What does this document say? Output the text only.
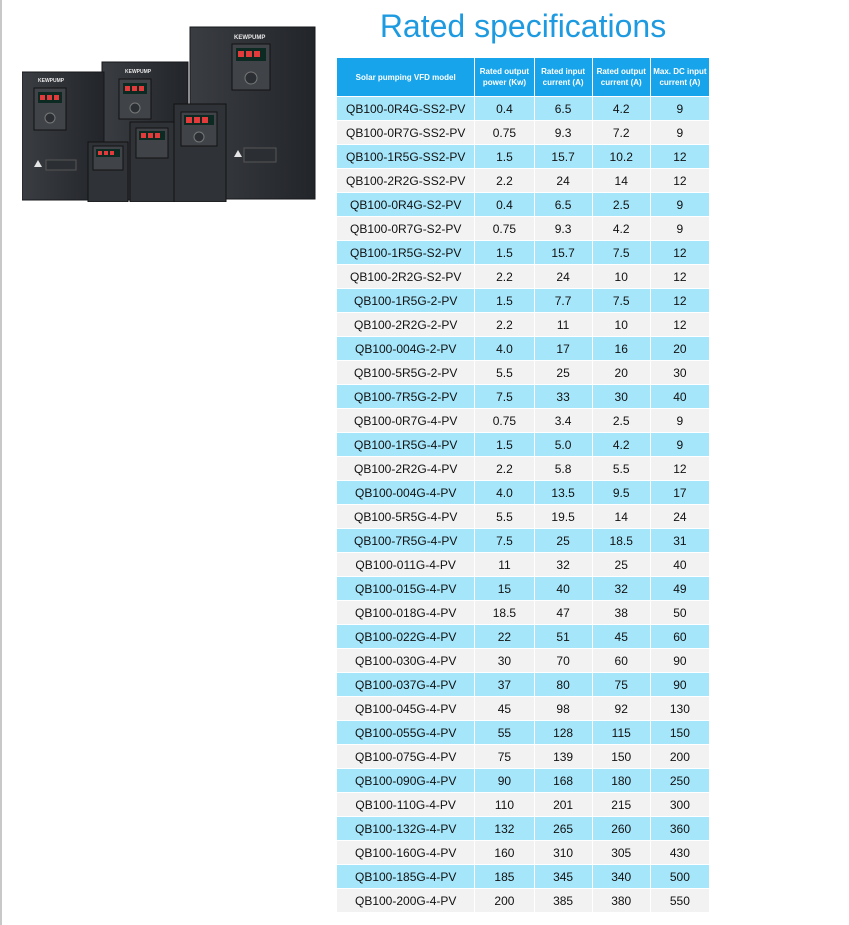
KEWPUMP
KEWPUMP
KEWPUMP
Rated specifications
Solar pumping VFD model	Rated output power (Kw)	Rated input current (A)	Rated output current (A)	Max. DC input current (A)
QB100-0R4G-SS2-PV	0.4	6.5	4.2	9
QB100-0R7G-SS2-PV	0.75	9.3	7.2	9
QB100-1R5G-SS2-PV	1.5	15.7	10.2	12
QB100-2R2G-SS2-PV	2.2	24	14	12
QB100-0R4G-S2-PV	0.4	6.5	2.5	9
QB100-0R7G-S2-PV	0.75	9.3	4.2	9
QB100-1R5G-S2-PV	1.5	15.7	7.5	12
QB100-2R2G-S2-PV	2.2	24	10	12
QB100-1R5G-2-PV	1.5	7.7	7.5	12
QB100-2R2G-2-PV	2.2	11	10	12
QB100-004G-2-PV	4.0	17	16	20
QB100-5R5G-2-PV	5.5	25	20	30
QB100-7R5G-2-PV	7.5	33	30	40
QB100-0R7G-4-PV	0.75	3.4	2.5	9
QB100-1R5G-4-PV	1.5	5.0	4.2	9
QB100-2R2G-4-PV	2.2	5.8	5.5	12
QB100-004G-4-PV	4.0	13.5	9.5	17
QB100-5R5G-4-PV	5.5	19.5	14	24
QB100-7R5G-4-PV	7.5	25	18.5	31
QB100-011G-4-PV	11	32	25	40
QB100-015G-4-PV	15	40	32	49
QB100-018G-4-PV	18.5	47	38	50
QB100-022G-4-PV	22	51	45	60
QB100-030G-4-PV	30	70	60	90
QB100-037G-4-PV	37	80	75	90
QB100-045G-4-PV	45	98	92	130
QB100-055G-4-PV	55	128	115	150
QB100-075G-4-PV	75	139	150	200
QB100-090G-4-PV	90	168	180	250
QB100-110G-4-PV	110	201	215	300
QB100-132G-4-PV	132	265	260	360
QB100-160G-4-PV	160	310	305	430
QB100-185G-4-PV	185	345	340	500
QB100-200G-4-PV	200	385	380	550
